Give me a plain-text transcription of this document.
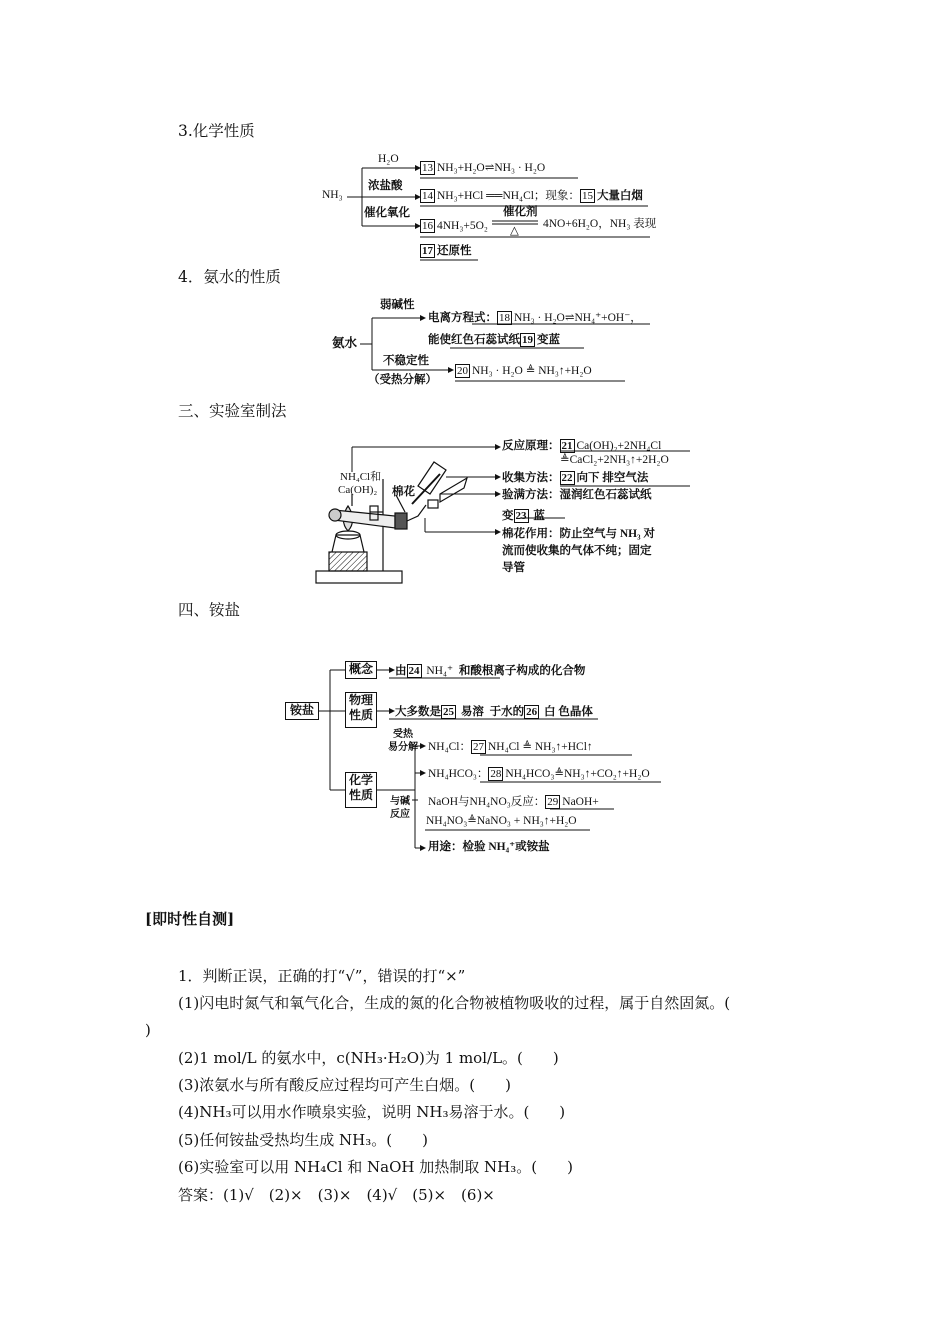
3.化学性质
NH₃
H₂O
13 NH₃+H₂O⇌NH₃ · H₂O
浓盐酸
14 NH₃+HCl ══NH₄Cl；现象： 15 大量白烟
催化氧化
16 4NH₃+5O₂
催化剂
△
4NO+6H₂O，NH₃ 表现
17 还原性
4．氨水的性质
氨水
弱碱性
电离方程式： 18 NH₃ · H₂O⇌NH₄⁺+OH⁻，
能使红色石蕊试纸 19 变蓝
不稳定性
（受热分解）
20 NH₃ · H₂O ≜ NH₃↑+H₂O
三、实验室制法
NH₄Cl和
Ca(OH)₂ 棉花
反应原理： 21 Ca(OH)₂+2NH₄Cl
≜CaCl₂+2NH₃↑+2H₂O
收集方法： 22 向下 排空气法
验满方法：湿润红色石蕊试纸
变 23 蓝
棉花作用：防止空气与 NH₃ 对
流而使收集的气体不纯；固定
导管
四、铵盐
铵盐
概念	由 24 NH₄⁺ 和酸根离子构成的化合物
物理
性质 大多数是 25 易溶 于水的 26 白 色晶体
化学
性质
受热
易分解 NH₄Cl： 27 NH₄Cl ≜ NH₃↑+HCl↑
NH₄HCO₃： 28 NH₄HCO₃≜NH₃↑+CO₂↑+H₂O
与碱
反应
NaOH与NH₄NO₃反应： 29 NaOH+
NH₄NO₃≜NaNO₃ + NH₃↑+H₂O
用途：检验 NH₄⁺或铵盐
[即时性自测]
1．判断正误，正确的打“√”，错误的打“×”
(1)闪电时氮气和氧气化合，生成的氮的化合物被植物吸收的过程，属于自然固氮。(
)
(2)1 mol/L 的氨水中，c(NH₃·H₂O)为 1 mol/L。(　　)
(3)浓氨水与所有酸反应过程均可产生白烟。(　　)
(4)NH₃可以用水作喷泉实验，说明 NH₃易溶于水。(　　)
(5)任何铵盐受热均生成 NH₃。(　　)
(6)实验室可以用 NH₄Cl 和 NaOH 加热制取 NH₃。(　　)
答案：(1)√　(2)×　(3)×　(4)√　(5)×　(6)×
